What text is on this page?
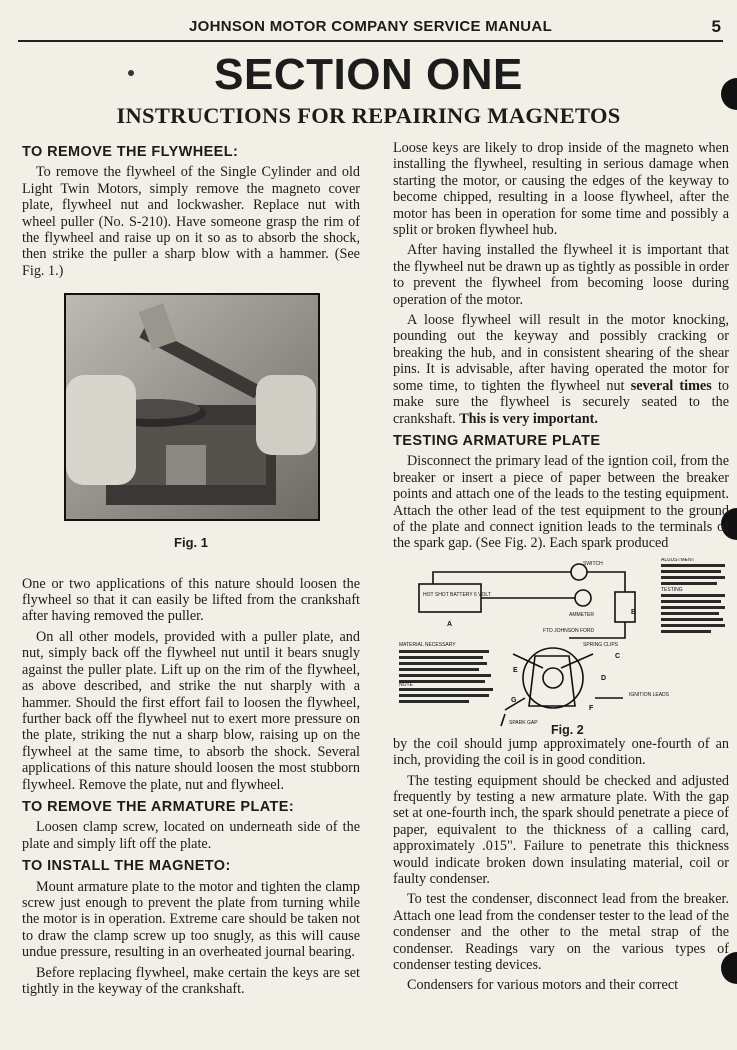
JOHNSON MOTOR COMPANY SERVICE MANUAL	5
SECTION ONE
INSTRUCTIONS FOR REPAIRING MAGNETOS
TO REMOVE THE FLYWHEEL:

To remove the flywheel of the Single Cylinder and old Light Twin Motors, simply remove the magneto cover plate, flywheel nut and lockwasher. Replace nut with wheel puller (No. S-210). Have someone grasp the rim of the flywheel and raise up on it so as to absorb the shock, then strike the puller a sharp blow with a hammer. (See Fig. 1.)

Fig. 1

One or two applications of this nature should loosen the flywheel so that it can easily be lifted from the crankshaft after having removed the puller.

On all other models, provided with a puller plate, and nut, simply back off the flywheel nut until it bears snugly against the puller plate. Lift up on the rim of the flywheel, as above described, and strike the nut sharply with a hammer. Should the first effort fail to loosen the flywheel, further back off the flywheel nut to exert more pressure on the plate, striking the nut a sharp blow, raising up on the flywheel at the same time, to absorb the shock. Several applications of this nature should loosen the most stubborn flywheel. Remove the plate, nut and flywheel.

TO REMOVE THE ARMATURE PLATE:

Loosen clamp screw, located on underneath side of the plate and simply lift off the plate.

TO INSTALL THE MAGNETO:

Mount armature plate to the motor and tighten the clamp screw just enough to prevent the plate from turning while the motor is in operation. Extreme care should be taken not to draw the clamp screw up too snugly, as this will cause undue pressure, resulting in an overheated journal bearing.

Before replacing flywheel, make certain the keys are set tightly in the keyway of the crankshaft.

Loose keys are likely to drop inside of the magneto when installing the flywheel, resulting in serious damage when starting the motor, or causing the edges of the keyway to become chipped, resulting in a loose flywheel, after the motor has been in operation for some time and possibly a split or broken flywheel hub.

After having installed the flywheel it is important that the flywheel nut be drawn up as tightly as possible in order to prevent the flywheel from becoming loose during operation of the motor.

A loose flywheel will result in the motor knocking, pounding out the keyway and possibly cracking or breaking the hub, and in consistent shearing of the shear pins. It is advisable, after having operated the motor for some time, to tighten the flywheel nut several times to make sure the flywheel is securely seated to the crankshaft. This is very important.

TESTING ARMATURE PLATE

Disconnect the primary lead of the igntion coil, from the breaker or insert a piece of paper between the breaker points and attach one of the leads to the testing equipment. Attach the other lead of the test equipment to the ground of the plate and connect ignition leads to the terminals of the spark gap. (See Fig. 2). Each spark produced

SWITCH
HOT SHOT BATTERY 6 VOLT
AMMETER
FTD JOHNSON FORD
SPRING CLIPS
IGNITION LEADS
SPARK GAP
MATERIAL NECESSARY
ADJUSTMENT
TESTING
NOTE
A
B
C
D
E
F
G
Fig. 2

by the coil should jump approximately one-fourth of an inch, providing the coil is in good condition.

The testing equipment should be checked and adjusted frequently by testing a new armature plate. With the gap set at one-fourth inch, the spark should penetrate a piece of paper, equivalent to the thickness of a calling card, approximately .015". Failure to penetrate this thickness would indicate broken down insulating material, coil or faulty condenser.

To test the condenser, disconnect lead from the breaker. Attach one lead from the condenser tester to the lead of the condenser and the other to the metal strap of the condenser. Readings vary on the various types of condenser testing devices.

Condensers for various motors and their correct
